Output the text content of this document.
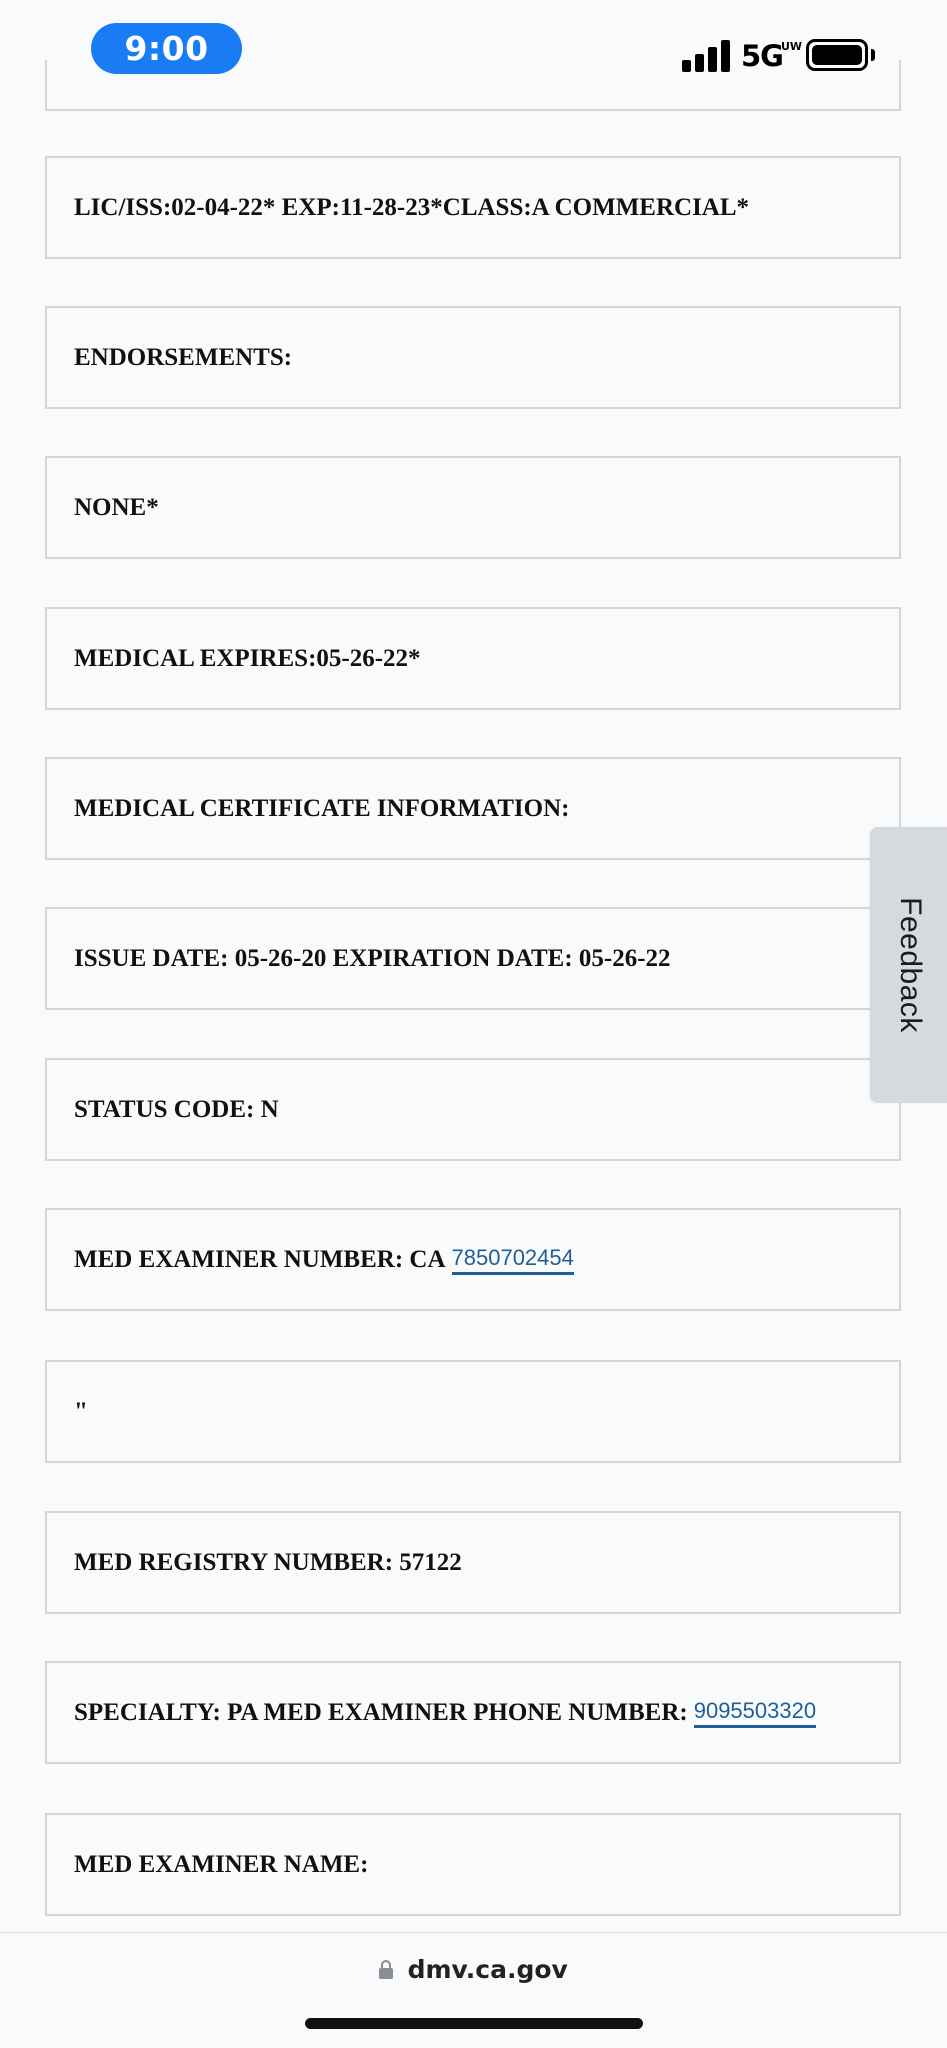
9:00	5G
UW
LIC/ISS:02-04-22* EXP:11-28-23*CLASS:A COMMERCIAL*
ENDORSEMENTS:
NONE*
MEDICAL EXPIRES:05-26-22*
MEDICAL CERTIFICATE INFORMATION:
ISSUE DATE: 05-26-20 EXPIRATION DATE: 05-26-22
STATUS CODE: N
MED EXAMINER NUMBER: CA 7850702454
"
MED REGISTRY NUMBER: 57122
SPECIALTY: PA MED EXAMINER PHONE NUMBER: 9095503320
MED EXAMINER NAME:
Feedback
dmv.ca.gov
